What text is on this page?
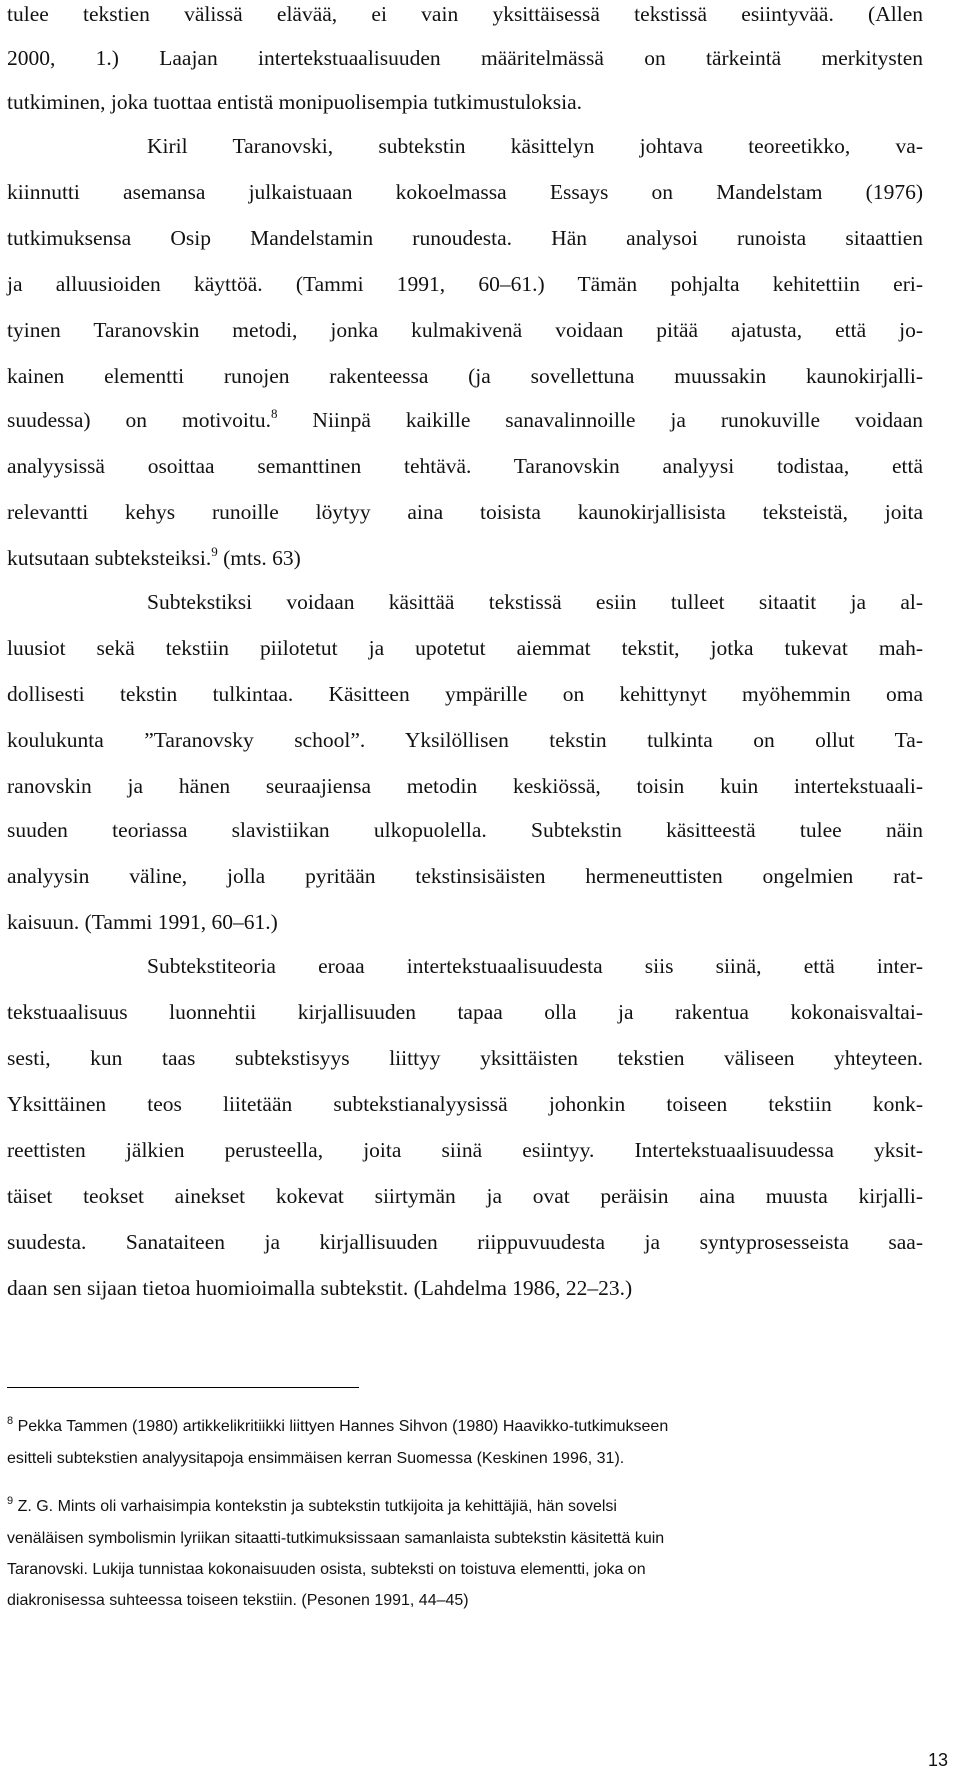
tulee tekstien välissä elävää, ei vain yksittäisessä tekstissä esiintyvää. (Allen
2000, 1.) Laajan intertekstuaalisuuden määritelmässä on tärkeintä merkitysten
tutkiminen, joka tuottaa entistä monipuolisempia tutkimustuloksia.
Kiril Taranovski, subtekstin käsittelyn johtava teoreetikko, va-
kiinnutti asemansa julkaistuaan kokoelmassa Essays on Mandelstam (1976)
tutkimuksensa Osip Mandelstamin runoudesta. Hän analysoi runoista sitaattien
ja alluusioiden käyttöä. (Tammi 1991, 60–61.) Tämän pohjalta kehitettiin eri-
tyinen Taranovskin metodi, jonka kulmakivenä voidaan pitää ajatusta, että jo-
kainen elementti runojen rakenteessa (ja sovellettuna muussakin kaunokirjalli-
suudessa) on motivoitu.$^8$ Niinpä kaikille sanavalinnoille ja runokuville voidaan
analyysissä osoittaa semanttinen tehtävä. Taranovskin analyysi todistaa, että
relevantti kehys runoille löytyy aina toisista kaunokirjallisista teksteistä, joita
kutsutaan subteksteiksi.$^9$ (mts. 63)
Subtekstiksi voidaan käsittää tekstissä esiin tulleet sitaatit ja al-
luusiot sekä tekstiin piilotetut ja upotetut aiemmat tekstit, jotka tukevat mah-
dollisesti tekstin tulkintaa. Käsitteen ympärille on kehittynyt myöhemmin oma
koulukunta ”Taranovsky school”. Yksilöllisen tekstin tulkinta on ollut Ta-
ranovskin ja hänen seuraajiensa metodin keskiössä, toisin kuin intertekstuaali-
suuden teoriassa slavistiikan ulkopuolella. Subtekstin käsitteestä tulee näin
analyysin väline, jolla pyritään tekstinsisäisten hermeneuttisten ongelmien rat-
kaisuun. (Tammi 1991, 60–61.)
Subtekstiteoria eroaa intertekstuaalisuudesta siis siinä, että inter-
tekstuaalisuus luonnehtii kirjallisuuden tapaa olla ja rakentua kokonaisvaltai-
sesti, kun taas subtekstisyys liittyy yksittäisten tekstien väliseen yhteyteen.
Yksittäinen teos liitetään subtekstianalyysissä johonkin toiseen tekstiin konk-
reettisten jälkien perusteella, joita siinä esiintyy. Intertekstuaalisuudessa yksit-
täiset teokset ainekset kokevat siirtymän ja ovat peräisin aina muusta kirjalli-
suudesta. Sanataiteen ja kirjallisuuden riippuvuudesta ja syntyprosesseista saa-
daan sen sijaan tietoa huomioimalla subtekstit. (Lahdelma 1986, 22–23.)
$^8$ Pekka Tammen (1980) artikkelikritiikki liittyen Hannes Sihvon (1980) Haavikko-tutkimukseen
esitteli subtekstien analyysitapoja ensimmäisen kerran Suomessa (Keskinen 1996, 31).
$^9$ Z. G. Mints oli varhaisimpia kontekstin ja subtekstin tutkijoita ja kehittäjiä, hän sovelsi
venäläisen symbolismin lyriikan sitaatti-tutkimuksissaan samanlaista subtekstin käsitettä kuin
Taranovski. Lukija tunnistaa kokonaisuuden osista, subteksti on toistuva elementti, joka on
diakronisessa suhteessa toiseen tekstiin. (Pesonen 1991, 44–45)
13
